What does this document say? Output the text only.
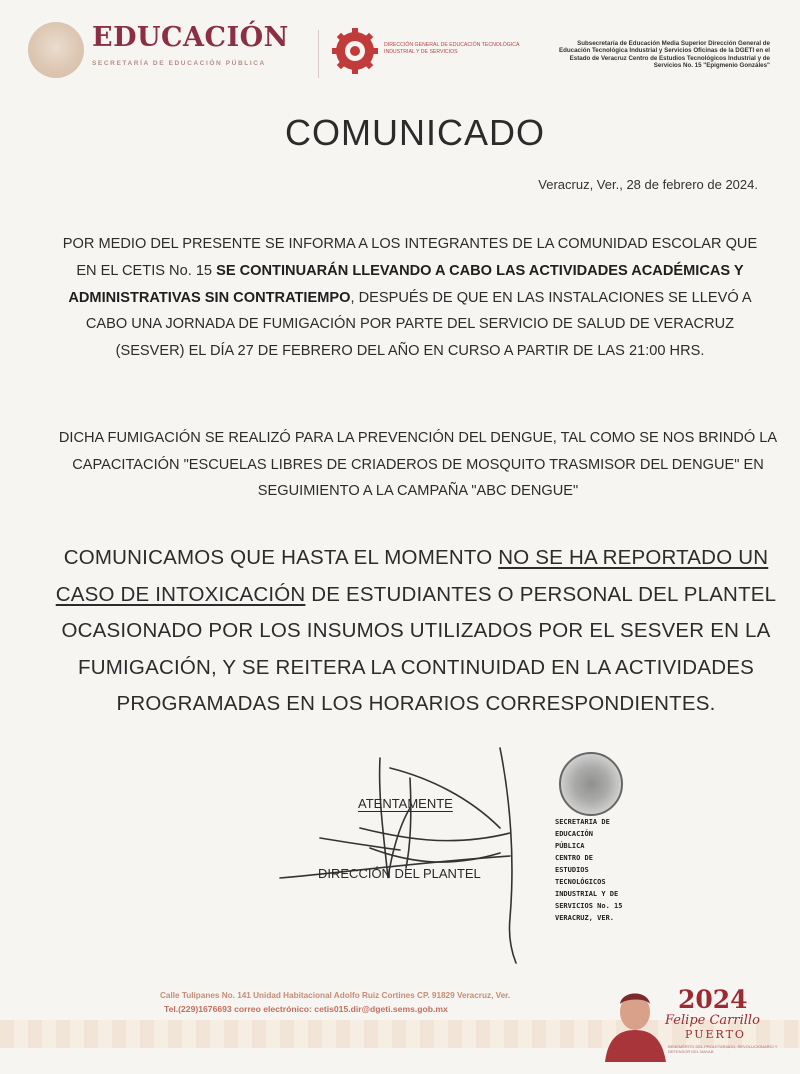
EDUCACIÓN
SECRETARÍA DE EDUCACIÓN PÚBLICA
DIRECCIÓN GENERAL DE EDUCACIÓN TECNOLÓGICA INDUSTRIAL Y DE SERVICIOS
Subsecretaría de Educación Media Superior Dirección General de Educación Tecnológica Industrial y Servicios Oficinas de la DGETI en el Estado de Veracruz Centro de Estudios Tecnológicos Industrial y de Servicios No. 15 "Epigmenio Gonzáles"
COMUNICADO
Veracruz, Ver., 28 de febrero de 2024.
POR MEDIO DEL PRESENTE SE INFORMA A LOS INTEGRANTES DE LA COMUNIDAD ESCOLAR QUE EN EL CETIS No. 15 SE CONTINUARÁN LLEVANDO A CABO LAS ACTIVIDADES ACADÉMICAS Y ADMINISTRATIVAS SIN CONTRATIEMPO, DESPUÉS DE QUE EN LAS INSTALACIONES SE LLEVÓ A CABO UNA JORNADA DE FUMIGACIÓN POR PARTE DEL SERVICIO DE SALUD DE VERACRUZ (SESVER) EL DÍA 27 DE FEBRERO DEL AÑO EN CURSO A PARTIR DE LAS 21:00 HRS.
DICHA FUMIGACIÓN SE REALIZÓ PARA LA PREVENCIÓN DEL DENGUE, TAL COMO SE NOS BRINDÓ LA CAPACITACIÓN "ESCUELAS LIBRES DE CRIADEROS DE MOSQUITO TRASMISOR DEL DENGUE" EN SEGUIMIENTO A LA CAMPAÑA "ABC DENGUE"
COMUNICAMOS QUE HASTA EL MOMENTO NO SE HA REPORTADO UN CASO DE INTOXICACIÓN DE ESTUDIANTES O PERSONAL DEL PLANTEL OCASIONADO POR LOS INSUMOS UTILIZADOS POR EL SESVER EN LA FUMIGACIÓN, Y SE REITERA LA CONTINUIDAD EN LA ACTIVIDADES PROGRAMADAS EN LOS HORARIOS CORRESPONDIENTES.
ATENTAMENTE
DIRECCIÓN DEL PLANTEL
SECRETARIA DE
EDUCACIÓN PÚBLICA
CENTRO DE ESTUDIOS
TECNOLÓGICOS
INDUSTRIAL Y DE
SERVICIOS No. 15
VERACRUZ, VER.
Calle Tulipanes No. 141 Unidad Habitacional Adolfo Ruiz Cortines CP. 91829 Veracruz, Ver.
Tel.(229)1676693 correo electrónico: cetis015.dir@dgeti.sems.gob.mx	2024
Felipe Carrillo
PUERTO
BENEMÉRITO DEL PROLETARIADO, REVOLUCIONARIO Y DEFENSOR DEL MAYAB
